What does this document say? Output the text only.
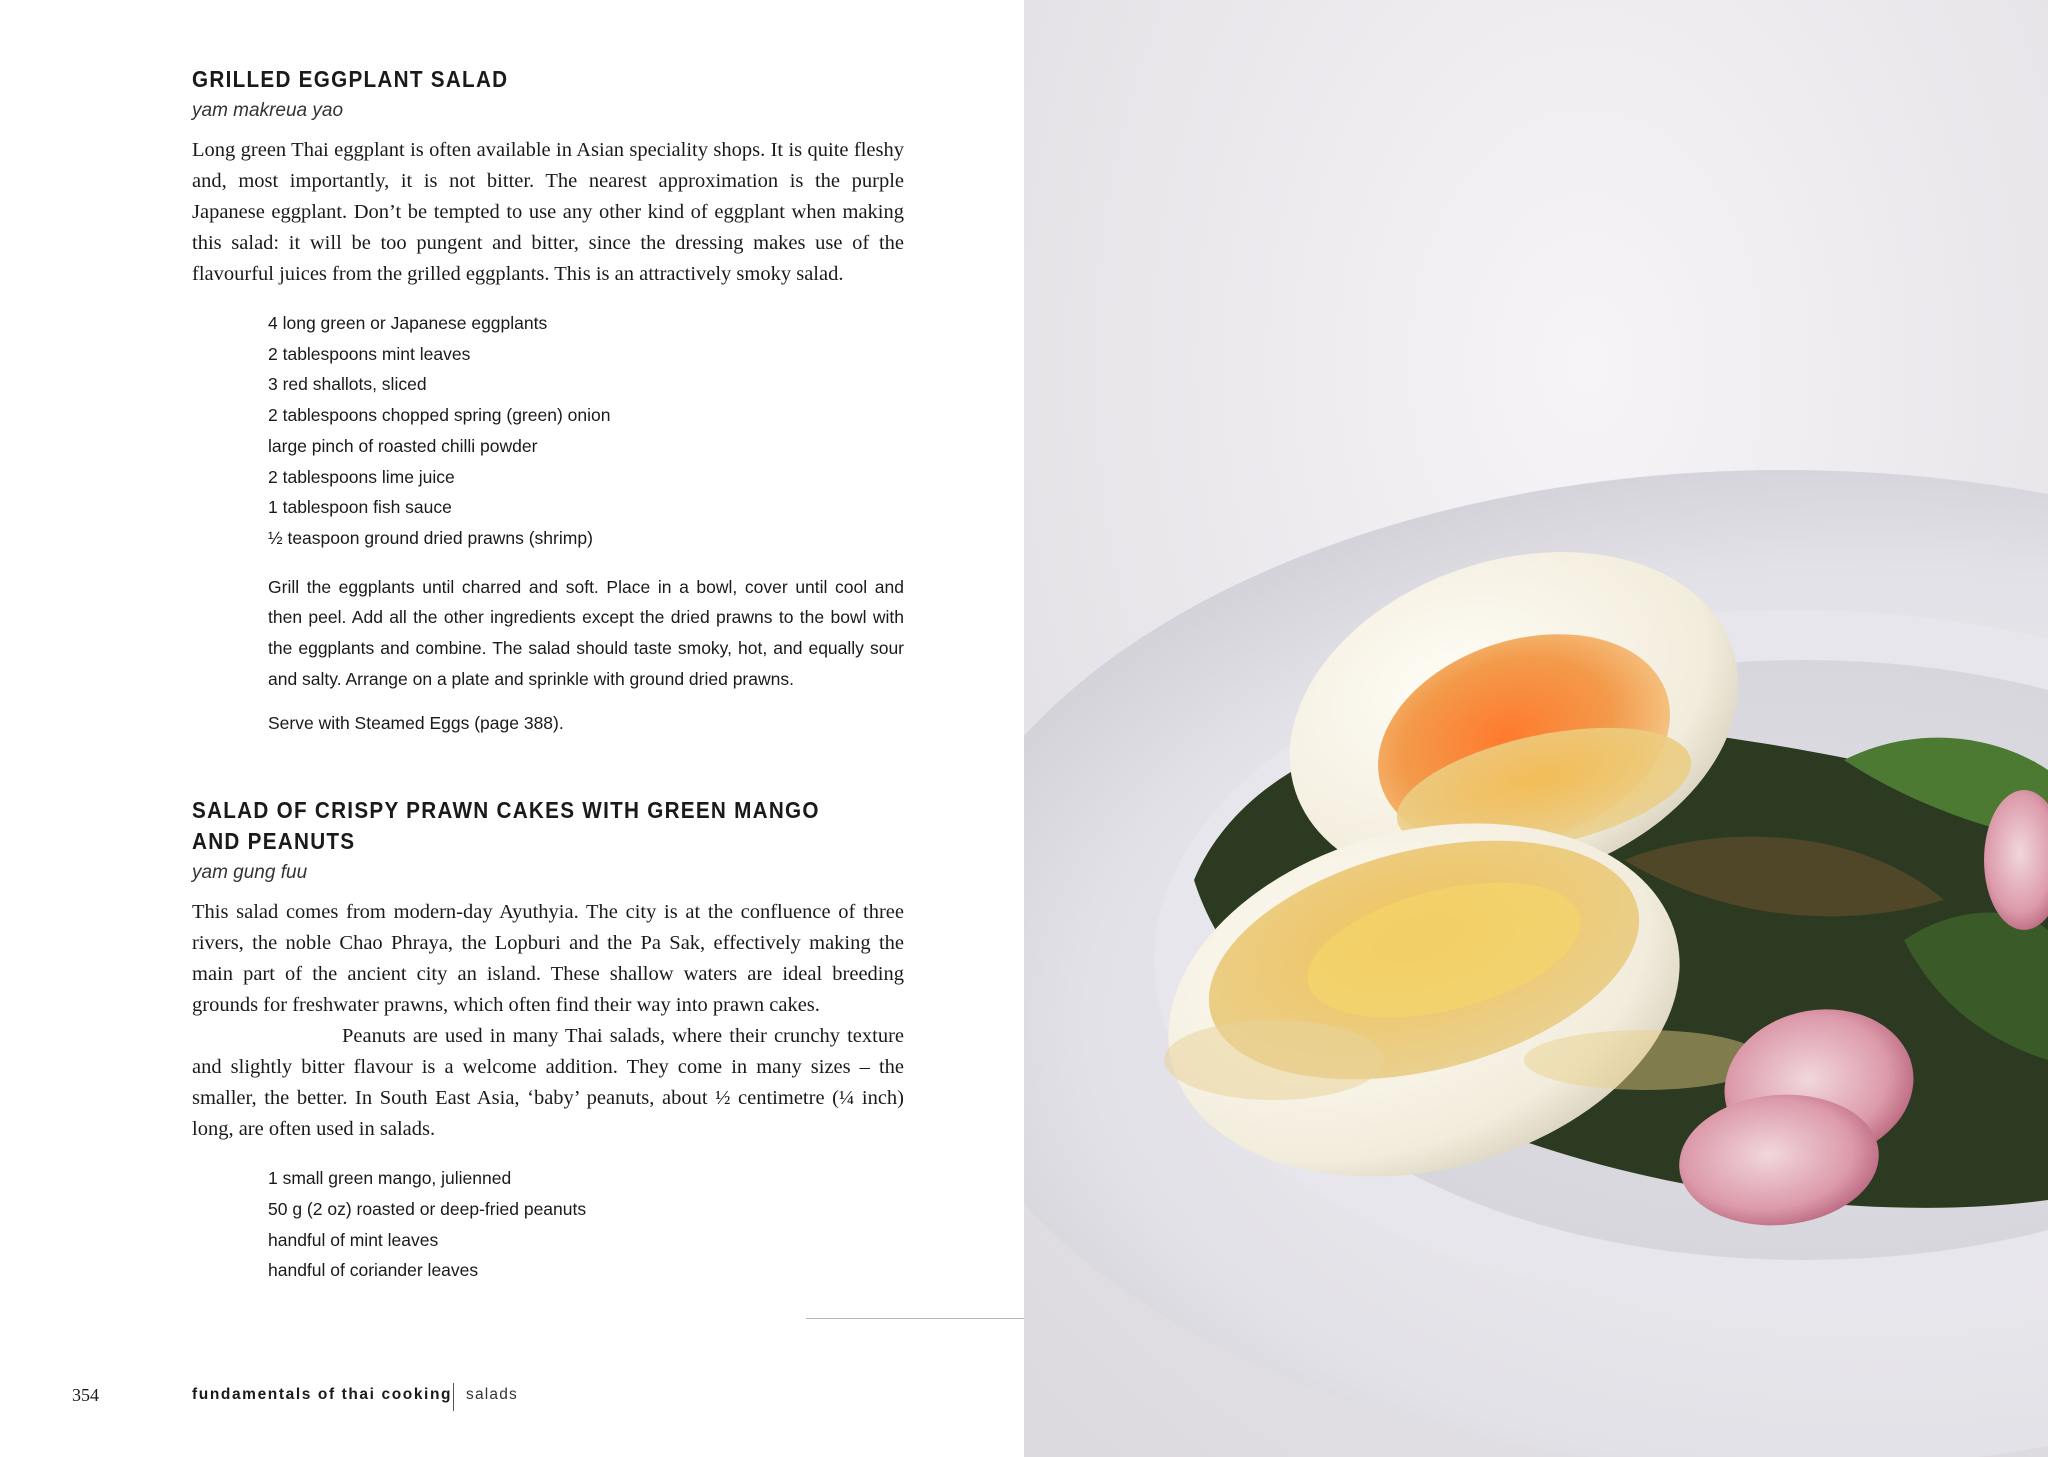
GRILLED EGGPLANT SALAD
yam makreua yao

Long green Thai eggplant is often available in Asian speciality shops. It is quite fleshy and, most importantly, it is not bitter. The nearest approximation is the purple Japanese eggplant. Don’t be tempted to use any other kind of eggplant when making this salad: it will be too pungent and bitter, since the dressing makes use of the flavourful juices from the grilled eggplants. This is an attractively smoky salad.

4 long green or Japanese eggplants
2 tablespoons mint leaves
3 red shallots, sliced
2 tablespoons chopped spring (green) onion
large pinch of roasted chilli powder
2 tablespoons lime juice
1 tablespoon fish sauce
½ teaspoon ground dried prawns (shrimp)
Grill the eggplants until charred and soft. Place in a bowl, cover until cool and then peel. Add all the other ingredients except the dried prawns to the bowl with the eggplants and combine. The salad should taste smoky, hot, and equally sour and salty. Arrange on a plate and sprinkle with ground dried prawns.
Serve with Steamed Eggs (page 388).
SALAD OF CRISPY PRAWN CAKES WITH GREEN MANGO
AND PEANUTS
yam gung fuu

This salad comes from modern-day Ayuthyia. The city is at the confluence of three rivers, the noble Chao Phraya, the Lopburi and the Pa Sak, effectively making the main part of the ancient city an island. These shallow waters are ideal breeding grounds for freshwater prawns, which often find their way into prawn cakes.

Peanuts are used in many Thai salads, where their crunchy texture and slightly bitter flavour is a welcome addition. They come in many sizes – the smaller, the better. In South East Asia, ‘baby’ peanuts, about ½ centimetre (¼ inch) long, are often used in salads.

1 small green mango, julienned
50 g (2 oz) roasted or deep-fried peanuts
handful of mint leaves
handful of coriander leaves
354	fundamentals of thai cooking salads
